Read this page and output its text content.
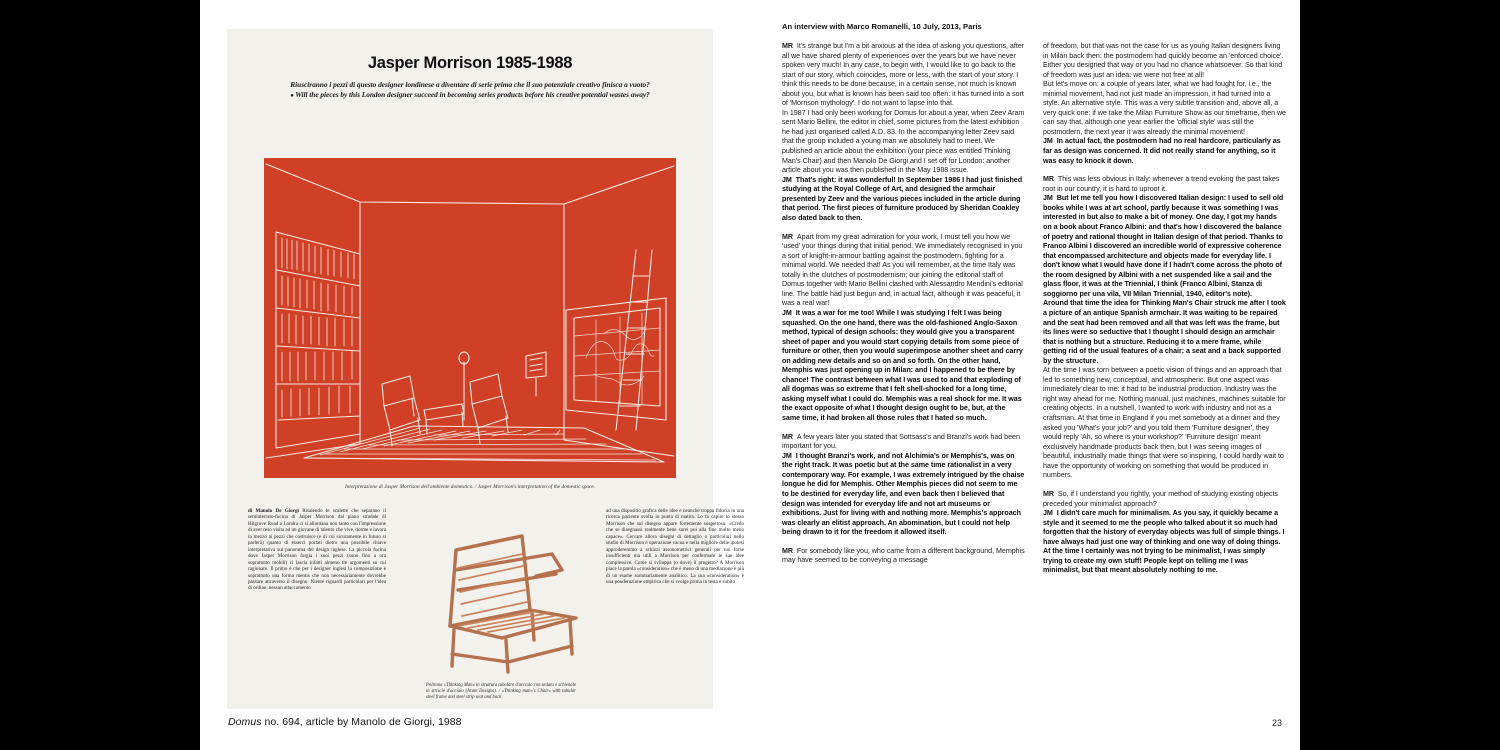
Jasper Morrison 1985-1988
Riusciranno i pezzi di questo designer londinese a diventare di serie prima che il suo potenziale creativo finisca a vuoto?
● Will the pieces by this London designer succeed in becoming series products before his creative potential wastes away?
Interpretazione di Jasper Morrison dell'ambiente domestico. / Jasper Morrison's interpretation of the domestic space.
di Manolo De Giorgi Risalendo le scalette che separano il seminterrato-fucina di Jasper Morrison dal piano stradale di Hilgrove Road a Londra ci si allontana non tanto con l'impressione di aver reso visita ad un giovane di talento che vive, dorme e lavora in mezzo ai pezzi che costruisce (e di cui sicuramente in futuro si parlerà) quanto di esserci portati dietro una possibile chiave interpretativa sul panorama del design inglese. La piccola fucina dove Jasper Morrison forgia i suoi pezzi (sono fino a ora soprattutto mobili) ci lascia infatti almeno tre argomenti su cui ragionare. Il primo è che per i designer inglesi la composizione è soprattutto una forma mentis che non necessariamente dovrebbe passare attraverso il disegno. Niente riguardi particolari per l'idea di ordine, nessun attaccamento
ad una dispositio grafica delle idee e neanche troppa fiducia in una ricerca paziente svolta in punta di matita. Lo fa capire lo stesso Morrison che sul disegno appare fortemente sospettoso: «Credo che se disegnassi realmente bene sarei poi alla fine molto meno capace». Cercare allora disegni di dettaglio o particolari nello studio di Morrison è operazione vacua e nella migliore delle ipotesi approderemmo a schizzi assonometrici generali per noi forse insufficienti ma utili a Morrison per confermare le sue idee complessive. Come si sviluppa (o dove) il progetto? A Morrison piace la parola «consideration» che è meno di una mediazione e più di un esame sommariamente analitico. La sua «consideration» è una ponderazione empirica che si svolge prima in testa e subito
Poltrona «Thinking Man» in struttura tubolare d'acciaio con sedata e schienale in striscie d'acciaio (Aram Designs). / «Thinking man»'s Chair» with tubular steel frame and steel strip seat and back.
Domus no. 694, article by Manolo de Giorgi, 1988
An interview with Marco Romanelli, 10 July, 2013, Paris
MR  It's strange but I'm a bit anxious at the idea of asking you questions, after all we have shared plenty of experiences over the years but we have never spoken very much! In any case, to begin with, I would like to go back to the start of our story, which coincides, more or less, with the start of your story. I think this needs to be done because, in a certain sense, not much is known about you, but what is known has been said too often: it has turned into a sort of 'Morrison mythology'. I do not want to lapse into that.
In 1987 I had only been working for Domus for about a year, when Zeev Aram sent Mario Bellini, the editor in chief, some pictures from the latest exhibition he had just organised called A.D. 83. In the accompanying letter Zeev said that the group included a young man we absolutely had to meet. We published an article about the exhibition (your piece was entitled Thinking Man's Chair) and then Manolo De Giorgi and I set off for London: another article about you was then published in the May 1988 issue.
JM  That's right: it was wonderful! In September 1986 I had just finished studying at the Royal College of Art, and designed the armchair presented by Zeev and the various pieces included in the article during that period. The first pieces of furniture produced by Sheridan Coakley also dated back to then.
MR  Apart from my great admiration for your work, I must tell you how we 'used' your things during that initial period. We immediately recognised in you a sort of knight-in-armour battling against the postmodern, fighting for a minimal world. We needed that! As you will remember, at the time Italy was totally in the clutches of postmodernism; our joining the editorial staff of Domus together with Mario Bellini clashed with Alessandro Mendini's editorial line. The battle had just begun and, in actual fact, although it was peaceful, it was a real war!
JM  It was a war for me too! While I was studying I felt I was being squashed. On the one hand, there was the old-fashioned Anglo-Saxon method, typical of design schools: they would give you a transparent sheet of paper and you would start copying details from some piece of furniture or other, then you would superimpose another sheet and carry on adding new details and so on and so forth. On the other hand, Memphis was just opening up in Milan: and I happened to be there by chance! The contrast between what I was used to and that exploding of all dogmas was so extreme that I felt shell-shocked for a long time, asking myself what I could do. Memphis was a real shock for me. It was the exact opposite of what I thought design ought to be, but, at the same time, it had broken all those rules that I hated so much.
MR  A few years later you stated that Sottsass's and Branzi's work had been important for you.
JM  I thought Branzi's work, and not Alchimia's or Memphis's, was on the right track. It was poetic but at the same time rationalist in a very contemporary way. For example, I was extremely intrigued by the chaise longue he did for Memphis. Other Memphis pieces did not seem to me to be destined for everyday life, and even back then I believed that design was intended for everyday life and not art museums or exhibitions. Just for living with and nothing more. Memphis's approach was clearly an elitist approach. An abomination, but I could not help being drawn to it for the freedom it allowed itself.
MR  For somebody like you, who came from a different background, Memphis may have seemed to be conveying a message
of freedom, but that was not the case for us as young Italian designers living in Milan back then: the postmodern had quickly become an 'enforced choice'. Either you designed that way or you had no chance whatsoever. So that kind of freedom was just an idea: we were not free at all!
But let's move on: a couple of years later, what we had fought for, i.e., the minimal movement, had not just made an impression, it had turned into a style. An alternative style. This was a very subtle transition and, above all, a very quick one: if we take the Milan Furniture Show as our timeframe, then we can say that, although one year earlier the 'official style' was still the postmodern, the next year it was already the minimal movement!
JM  In actual fact, the postmodern had no real hardcore, particularly as far as design was concerned. It did not really stand for anything, so it was easy to knock it down.
MR  This was less obvious in Italy: whenever a trend evoking the past takes root in our country, it is hard to uproot it.
JM  But let me tell you how I discovered Italian design: I used to sell old books while I was at art school, partly because it was something I was interested in but also to make a bit of money. One day, I got my hands on a book about Franco Albini: and that's how I discovered the balance of poetry and rational thought in Italian design of that period. Thanks to Franco Albini I discovered an incredible world of expressive coherence that encompassed architecture and objects made for everyday life. I don't know what I would have done if I hadn't come across the photo of the room designed by Albini with a net suspended like a sail and the glass floor, it was at the Triennial, I think (Franco Albini, Stanza di soggiorno per una vila, VII Milan Triennial, 1940, editor's note).
Around that time the idea for Thinking Man's Chair struck me after I took a picture of an antique Spanish armchair. It was waiting to be repaired and the seat had been removed and all that was left was the frame, but its lines were so seductive that I thought I should design an armchair that is nothing but a structure. Reducing it to a mere frame, while getting rid of the usual features of a chair: a seat and a back supported by the structure.
At the time I was torn between a poetic vision of things and an approach that led to something new, conceptual, and atmospheric. But one aspect was immediately clear to me: it had to be industrial production. Industry was the right way ahead for me. Nothing manual, just machines, machines suitable for creating objects. In a nutshell, I wanted to work with industry and not as a craftsman. At that time in England if you met somebody at a dinner and they asked you 'What's your job?' and you told them 'Furniture designer', they would reply 'Ah, so where is your workshop?' 'Furniture design' meant exclusively handmade products back then, but I was seeing images of beautiful, industrially made things that were so inspiring, I could hardly wait to have the opportunity of working on something that would be produced in numbers.
MR  So, if I understand you rightly, your method of studying existing objects preceded your minimalist approach?
JM  I didn't care much for minimalism. As you say, it quickly became a style and it seemed to me the people who talked about it so much had forgotten that the history of everyday objects was full of simple things. I have always had just one way of thinking and one way of doing things. At the time I certainly was not trying to be minimalist, I was simply trying to create my own stuff! People kept on telling me I was minimalist, but that meant absolutely nothing to me.
23
